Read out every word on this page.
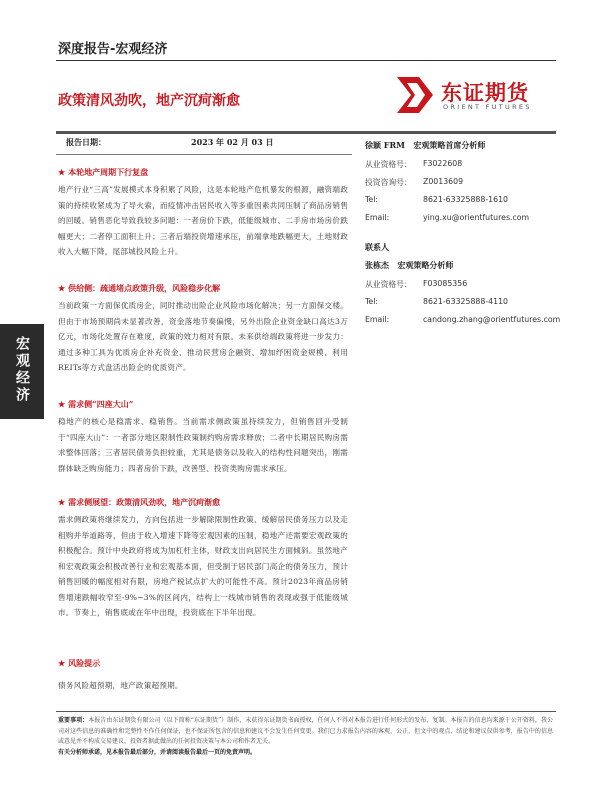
深度报告-宏观经济
政策清风劲吹，地产沉疴渐愈	东证期货
ORIENT FUTURES
报告日期：	2023 年 02 月 03 日
宏观经济
★ 本轮地产周期下行复盘
地产行业“三高”发展模式本身积累了风险，这是本轮地产危机暴发的根源，融资端政策的持续收紧成为了导火索，而疫情冲击居民收入等多重因素共同压制了商品房销售的回暖。销售恶化导致我较多问题：一者房价下跌，低能级城市、二手房市场房价跌幅更大；二者停工面积上升；三者后端投资增速承压，前端拿地跌幅更大，土地财政收入大幅下降，尾部城投风险上升。
★ 供给侧：疏通堵点政策升级，风险稳步化解
当前政策一方面保优质房企，同时推动出险企业风险市场化解决；另一方面保交楼。但由于市场预期尚未显著改善，资金落地节奏偏慢，另外出险企业资金缺口高达3万亿元，市场化处置存在难度，政策的效力相对有限。未来供给端政策将进一步发力：通过多种工具为优质房企补充资金、推动民营房企融资、增加纾困资金规模、利用REITs等方式盘活出险企的优质资产。
★ 需求侧“四座大山”
稳地产的核心是稳需求、稳销售。当前需求侧政策虽持续发力，但销售回升受制于“四座大山”：一者部分地区限制性政策制约购房需求释放；二者中长期居民购房需求整体回落；三者居民债务负担较重，尤其是债务以及收入的结构性问题突出，刚需群体缺乏购房能力；四者房价下跌，改善型、投资类购房需求承压。
★ 需求侧展望：政策清风劲吹，地产沉疴渐愈
需求侧政策将继续发力，方向包括进一步解除限制性政策、缓解居民债务压力以及走租购并举道路等，但由于收入增速下降等宏观因素的压制，稳地产还需要宏观政策的积极配合。预计中央政府将成为加杠杆主体，财政支出向居民生方面倾斜。虽然地产和宏观政策会积极改善行业和宏观基本面，但受制于居民部门高企的债务压力，预计销售回暖的幅度相对有限，房地产税试点扩大的可能性不高。预计2023年商品房销售增速跌幅收窄至-9%~3%的区间内，结构上一线城市销售的表现或强于低能级城市。节奏上，销售底或在年中出现，投资底在下半年出现。
★ 风险提示
债务风险超预期，地产政策超预期。
徐颖 FRM 宏观策略首席分析师
从业资格号： F3022608
投资咨询号： Z0013609
Tel:	8621-63325888-1610
Email:	ying.xu@orientfutures.com
联系人
张栋杰 宏观策略分析师
从业资格号： F03085356
Tel:	8621-63325888-4110
Email:	candong.zhang@orientfutures.com
重要事项：本报告由东证期货有限公司（以下简称“东证期货”）制作，未获得东证期货书面授权，任何人不得对本报告进行任何形式的发布、复制。本报告的信息均来源于公开资料，我公司对这些信息的准确性和完整性不作任何保证，也不保证所包含的信息和建议不会发生任何变更。我们已力求报告内容的客观、公正，但文中的观点、结论和建议仅供参考，报告中的信息或意见并不构成交易建议，投资者据此做出的任何投资决策与本公司和作者无关。
有关分析师承诺，见本报告最后部分，并请阅读报告最后一页的免责声明。
